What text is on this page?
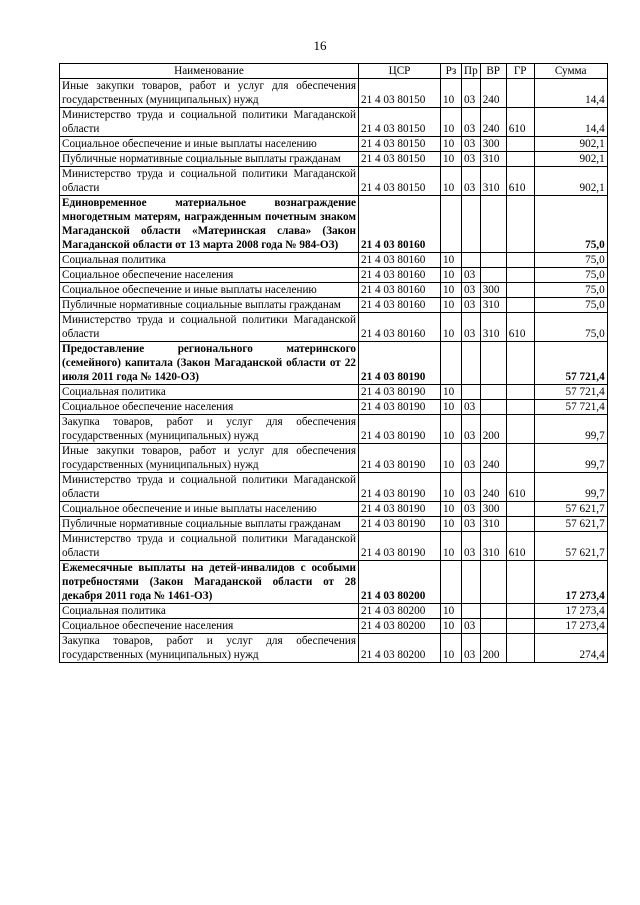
16
Наименование	ЦСР	Рз	Пр	ВР	ГР	Сумма
Иные закупки товаров, работ и услуг для обеспечения государственных (муниципальных) нужд	21 4 03 80150	10	03	240		14,4
Министерство труда и социальной политики Магаданской области	21 4 03 80150	10	03	240	610	14,4
Социальное обеспечение и иные выплаты населению	21 4 03 80150	10	03	300		902,1
Публичные нормативные социальные выплаты гражданам	21 4 03 80150	10	03	310		902,1
Министерство труда и социальной политики Магаданской области	21 4 03 80150	10	03	310	610	902,1
Единовременное материальное вознаграждение многодетным матерям, награжденным почетным знаком Магаданской области «Материнская слава» (Закон Магаданской области от 13 марта 2008 года № 984-ОЗ)	21 4 03 80160					75,0
Социальная политика	21 4 03 80160	10				75,0
Социальное обеспечение населения	21 4 03 80160	10	03			75,0
Социальное обеспечение и иные выплаты населению	21 4 03 80160	10	03	300		75,0
Публичные нормативные социальные выплаты гражданам	21 4 03 80160	10	03	310		75,0
Министерство труда и социальной политики Магаданской области	21 4 03 80160	10	03	310	610	75,0
Предоставление регионального материнского (семейного) капитала (Закон Магаданской области от 22 июля 2011 года № 1420-ОЗ)	21 4 03 80190					57 721,4
Социальная политика	21 4 03 80190	10				57 721,4
Социальное обеспечение населения	21 4 03 80190	10	03			57 721,4
Закупка товаров, работ и услуг для обеспечения государственных (муниципальных) нужд	21 4 03 80190	10	03	200		99,7
Иные закупки товаров, работ и услуг для обеспечения государственных (муниципальных) нужд	21 4 03 80190	10	03	240		99,7
Министерство труда и социальной политики Магаданской области	21 4 03 80190	10	03	240	610	99,7
Социальное обеспечение и иные выплаты населению	21 4 03 80190	10	03	300		57 621,7
Публичные нормативные социальные выплаты гражданам	21 4 03 80190	10	03	310		57 621,7
Министерство труда и социальной политики Магаданской области	21 4 03 80190	10	03	310	610	57 621,7
Ежемесячные выплаты на детей-инвалидов с особыми потребностями (Закон Магаданской области от 28 декабря 2011 года № 1461-ОЗ)	21 4 03 80200					17 273,4
Социальная политика	21 4 03 80200	10				17 273,4
Социальное обеспечение населения	21 4 03 80200	10	03			17 273,4
Закупка товаров, работ и услуг для обеспечения государственных (муниципальных) нужд	21 4 03 80200	10	03	200		274,4
